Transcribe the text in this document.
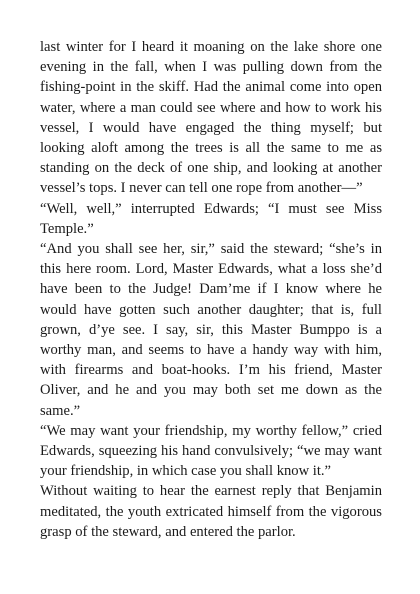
last winter for I heard it moaning on the lake shore one evening in the fall, when I was pulling down from the fishing-point in the skiff. Had the animal come into open water, where a man could see where and how to work his vessel, I would have engaged the thing myself; but looking aloft among the trees is all the same to me as standing on the deck of one ship, and looking at another vessel’s tops. I never can tell one rope from another—”

“Well, well,” interrupted Edwards; “I must see Miss Temple.”

“And you shall see her, sir,” said the steward; “she’s in this here room. Lord, Master Edwards, what a loss she’d have been to the Judge! Dam’me if I know where he would have gotten such another daughter; that is, full grown, d’ye see. I say, sir, this Master Bumppo is a worthy man, and seems to have a handy way with him, with firearms and boat-hooks. I’m his friend, Master Oliver, and he and you may both set me down as the same.”

“We may want your friendship, my worthy fellow,” cried Edwards, squeezing his hand convulsively; “we may want your friendship, in which case you shall know it.”

Without waiting to hear the earnest reply that Benjamin meditated, the youth extricated himself from the vigorous grasp of the steward, and entered the parlor.
